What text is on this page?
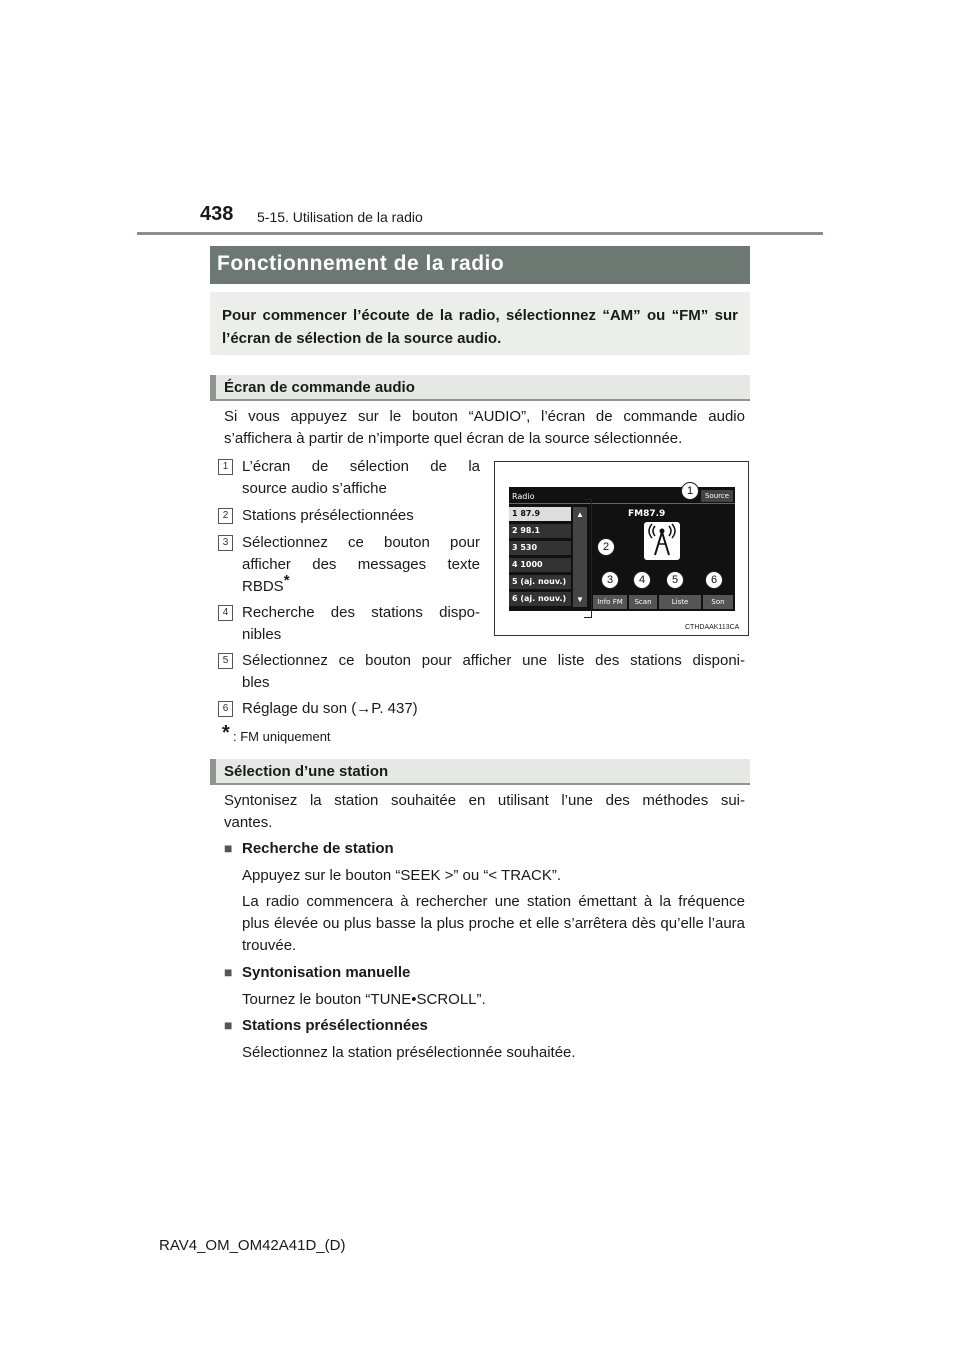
438 5-15. Utilisation de la radio
Fonctionnement de la radio

Pour commencer l’écoute de la radio, sélectionnez “AM” ou “FM” sur l’écran de sélection de la source audio.

Écran de commande audio

Si vous appuyez sur le bouton “AUDIO”, l’écran de commande audio s’affichera à partir de n’importe quel écran de la source sélectionnée.

1 L’écran de sélection de la

source audio s’affiche

2 Stations présélectionnées

3 Sélectionnez ce bouton pour

afficher des messages texte

RBDS*

4 Recherche des stations dispo-

nibles

5 Sélectionnez ce bouton pour afficher une liste des stations disponi-

bles

6 Réglage du son (→P. 437)

* : FM uniquement
Radio	Source
1 87.9
2 98.1
3 530
4 1000
5 (aj. nouv.)
6 (aj. nouv.)
▲
▼
FM87.9
Info FM	Scan	Liste stations
Son
1
2
3	4	5	6
CTHDAAK113CA
Sélection d’une station

Syntonisez la station souhaitée en utilisant l’une des méthodes sui-

vantes.

■ Recherche de station

Appuyez sur le bouton “SEEK >” ou “< TRACK”.

La radio commencera à rechercher une station émettant à la fréquence plus élevée ou plus basse la plus proche et elle s’arrêtera dès qu’elle l’aura trouvée.

■ Syntonisation manuelle

Tournez le bouton “TUNE•SCROLL”.

■ Stations présélectionnées

Sélectionnez la station présélectionnée souhaitée.

RAV4_OM_OM42A41D_(D)
